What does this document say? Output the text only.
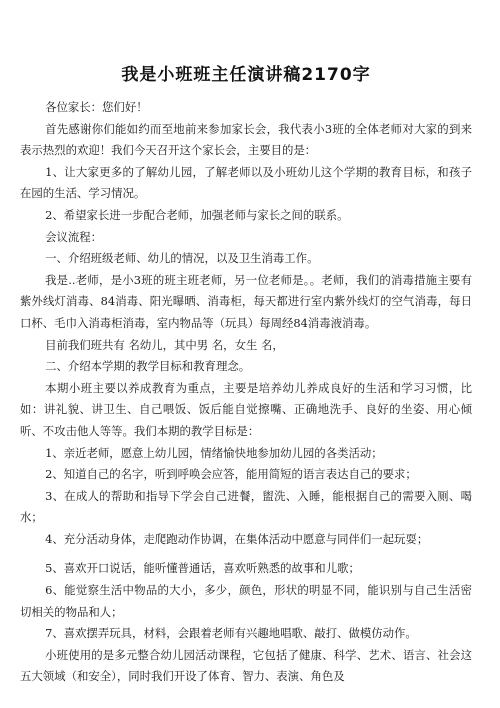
我是小班班主任演讲稿2170字

各位家长：您们好！

首先感谢你们能如约而至地前来参加家长会，我代表小3班的全体老师对大家的到来表示热烈的欢迎！我们今天召开这个家长会，主要目的是：

1、让大家更多的了解幼儿园，了解老师以及小班幼儿这个学期的教育目标，和孩子在园的生活、学习情况。

2、希望家长进一步配合老师，加强老师与家长之间的联系。

会议流程：

一、介绍班级老师、幼儿的情况，以及卫生消毒工作。

我是..老师，是小3班的班主班老师，另一位老师是。。老师，我们的消毒措施主要有紫外线灯消毒、84消毒、阳光曝晒、消毒柜，每天都进行室内紫外线灯的空气消毒，每日口杯、毛巾入消毒柜消毒，室内物品等（玩具）每周经84消毒液消毒。

目前我们班共有 名幼儿，其中男 名，女生 名，

二、介绍本学期的教学目标和教育理念。

本期小班主要以养成教育为重点，主要是培养幼儿养成良好的生活和学习习惯，比如：讲礼貌、讲卫生、自己喂饭、饭后能自觉擦嘴、正确地洗手、良好的坐姿、用心倾听、不攻击他人等等。我们本期的教学目标是：

1、亲近老师，愿意上幼儿园，情绪愉快地参加幼儿园的各类活动；

2、知道自己的名字，听到呼唤会应答，能用简短的语言表达自己的要求；

3、在成人的帮助和指导下学会自己进餐，盥洗、入睡，能根据自己的需要入厕、喝水；

4、充分活动身体，走爬跑动作协调，在集体活动中愿意与同伴们一起玩耍；

5、喜欢开口说话，能听懂普通话，喜欢听熟悉的故事和儿歌；

6、能觉察生活中物品的大小，多少，颜色，形状的明显不同，能识别与自己生活密切相关的物品和人；

7、喜欢摆弄玩具，材料，会跟着老师有兴趣地唱歌、敲打、做模仿动作。

小班使用的是多元整合幼儿园活动课程，它包括了健康、科学、艺术、语言、社会这五大领域（和安全），同时我们开设了体育、智力、表演、角色及
